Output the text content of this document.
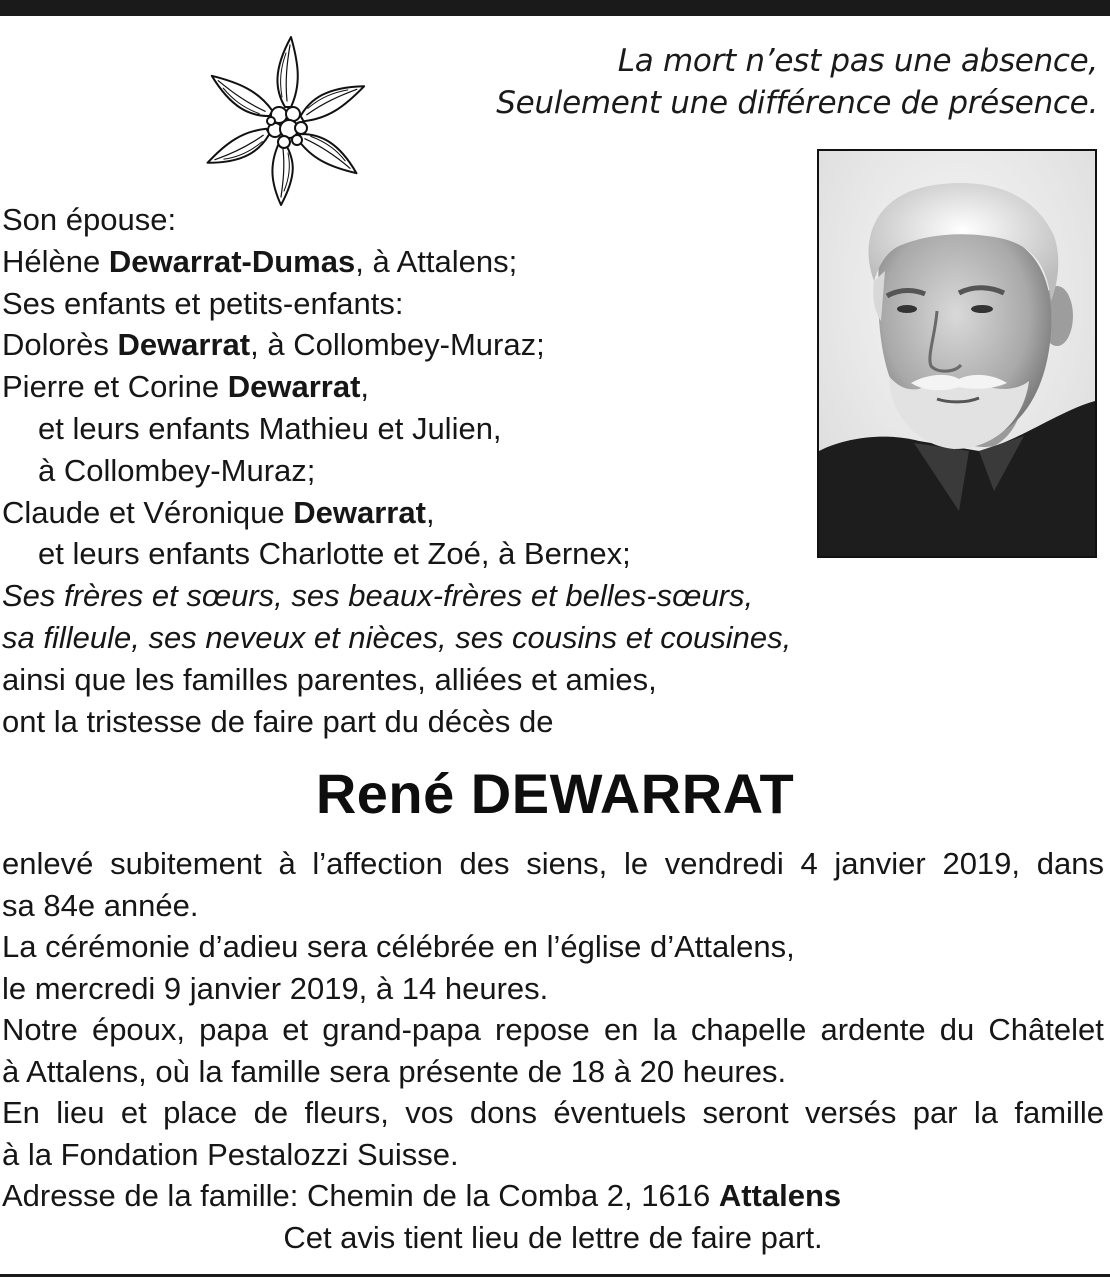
La mort n’est pas une absence,
Seulement une différence de présence.
Son épouse:
Hélène Dewarrat-Dumas , à Attalens;
Ses enfants et petits-enfants:
Dolorès Dewarrat , à Collombey-Muraz;
Pierre et Corine Dewarrat ,
et leurs enfants Mathieu et Julien,
à Collombey-Muraz;
Claude et Véronique Dewarrat ,
et leurs enfants Charlotte et Zoé, à Bernex;
Ses frères et sœurs, ses beaux-frères et belles-sœurs,
sa filleule, ses neveux et nièces, ses cousins et cousines,
ainsi que les familles parentes, alliées et amies,
ont la tristesse de faire part du décès de
René DEWARRAT
enlevé subitement à l’affection des siens, le vendredi 4 janvier 2019, dans
sa 84e année.
La cérémonie d’adieu sera célébrée en l’église d’Attalens,
le mercredi 9 janvier 2019, à 14 heures.
Notre époux, papa et grand-papa repose en la chapelle ardente du Châtelet
à Attalens, où la famille sera présente de 18 à 20 heures.
En lieu et place de fleurs, vos dons éventuels seront versés par la famille
à la Fondation Pestalozzi Suisse.
Adresse de la famille: Chemin de la Comba 2, 1616 Attalens
Cet avis tient lieu de lettre de faire part.
